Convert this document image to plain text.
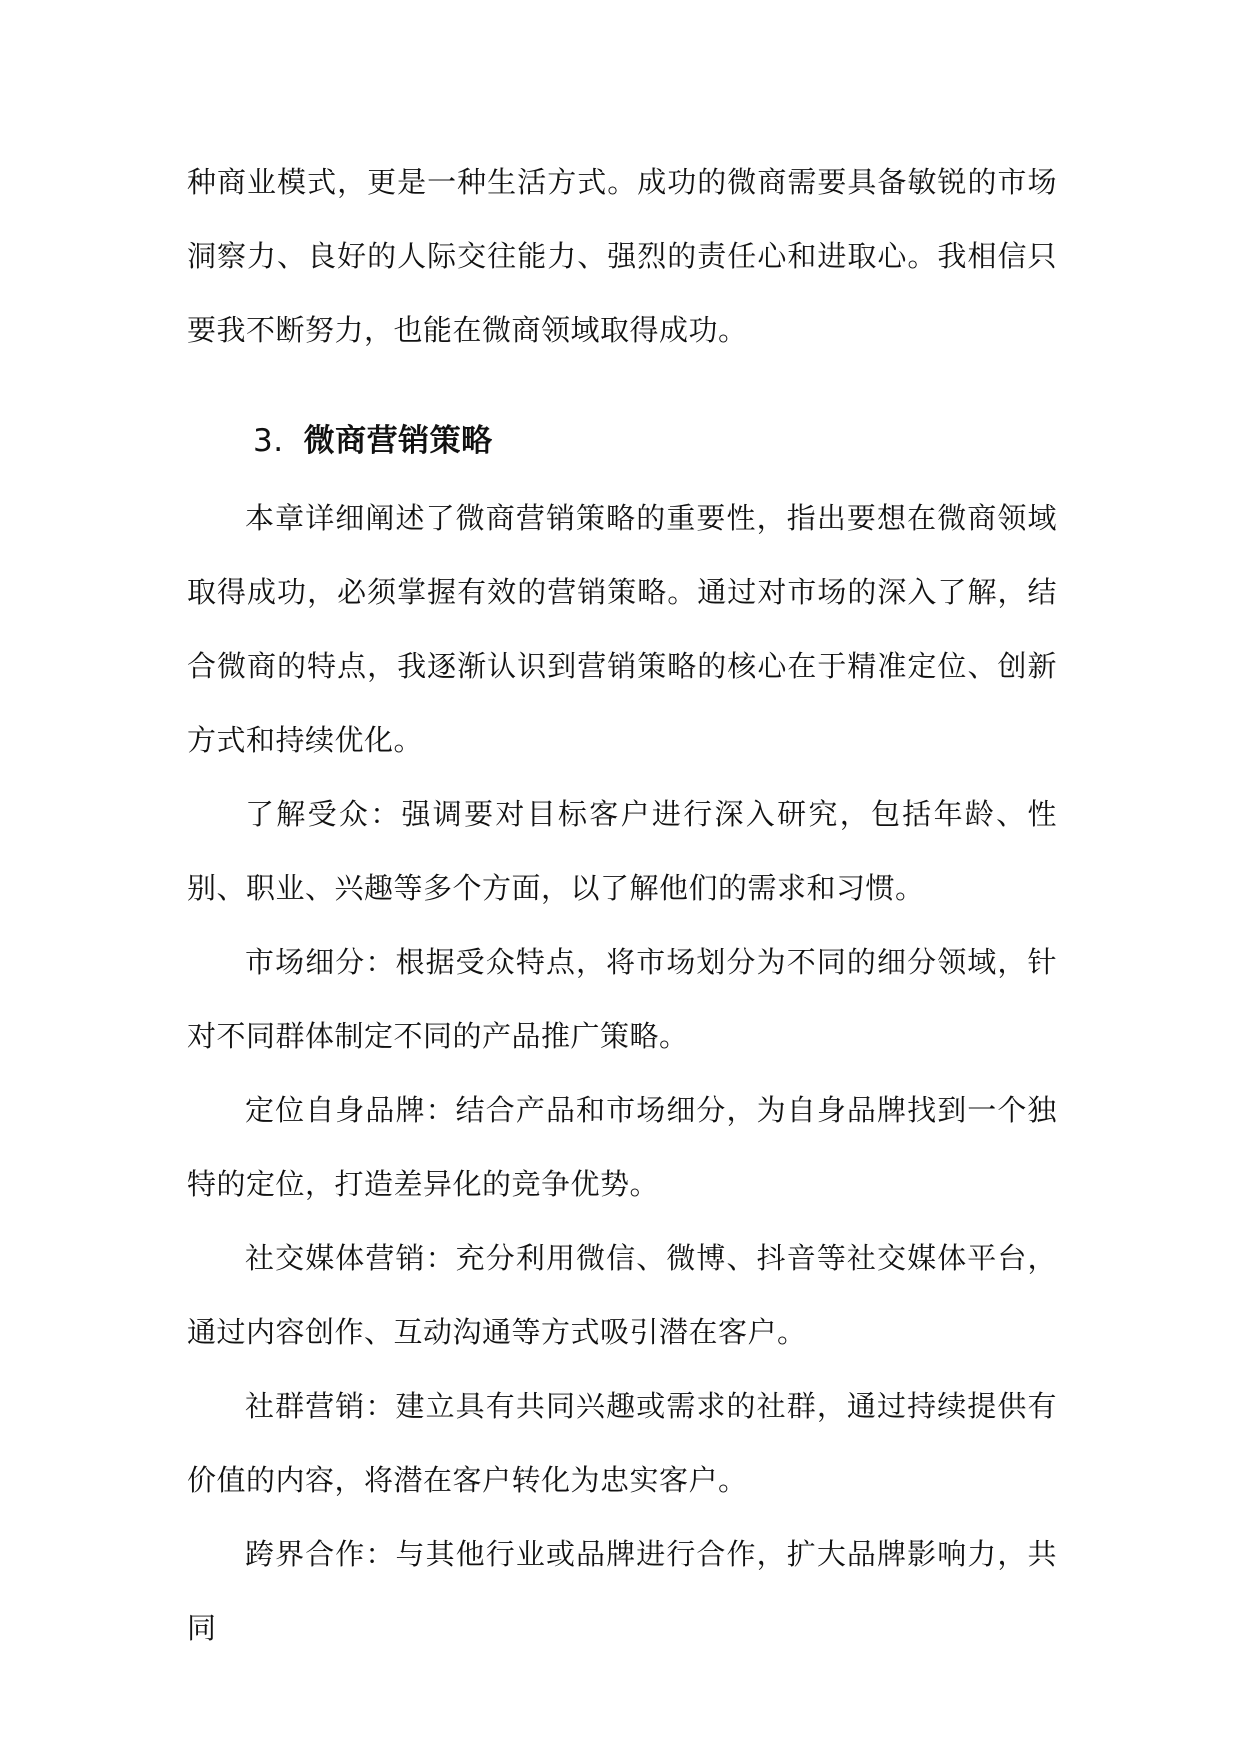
种商业模式，更是一种生活方式。成功的微商需要具备敏锐的市场洞察力、良好的人际交往能力、强烈的责任心和进取心。我相信只要我不断努力，也能在微商领域取得成功。

3. 微商营销策略

本章详细阐述了微商营销策略的重要性，指出要想在微商领域取得成功，必须掌握有效的营销策略。通过对市场的深入了解，结合微商的特点，我逐渐认识到营销策略的核心在于精准定位、创新方式和持续优化。

了解受众：强调要对目标客户进行深入研究，包括年龄、性别、职业、兴趣等多个方面，以了解他们的需求和习惯。

市场细分：根据受众特点，将市场划分为不同的细分领域，针对不同群体制定不同的产品推广策略。

定位自身品牌：结合产品和市场细分，为自身品牌找到一个独特的定位，打造差异化的竞争优势。

社交媒体营销：充分利用微信、微博、抖音等社交媒体平台，通过内容创作、互动沟通等方式吸引潜在客户。

社群营销：建立具有共同兴趣或需求的社群，通过持续提供有价值的内容，将潜在客户转化为忠实客户。

跨界合作：与其他行业或品牌进行合作，扩大品牌影响力，共同
